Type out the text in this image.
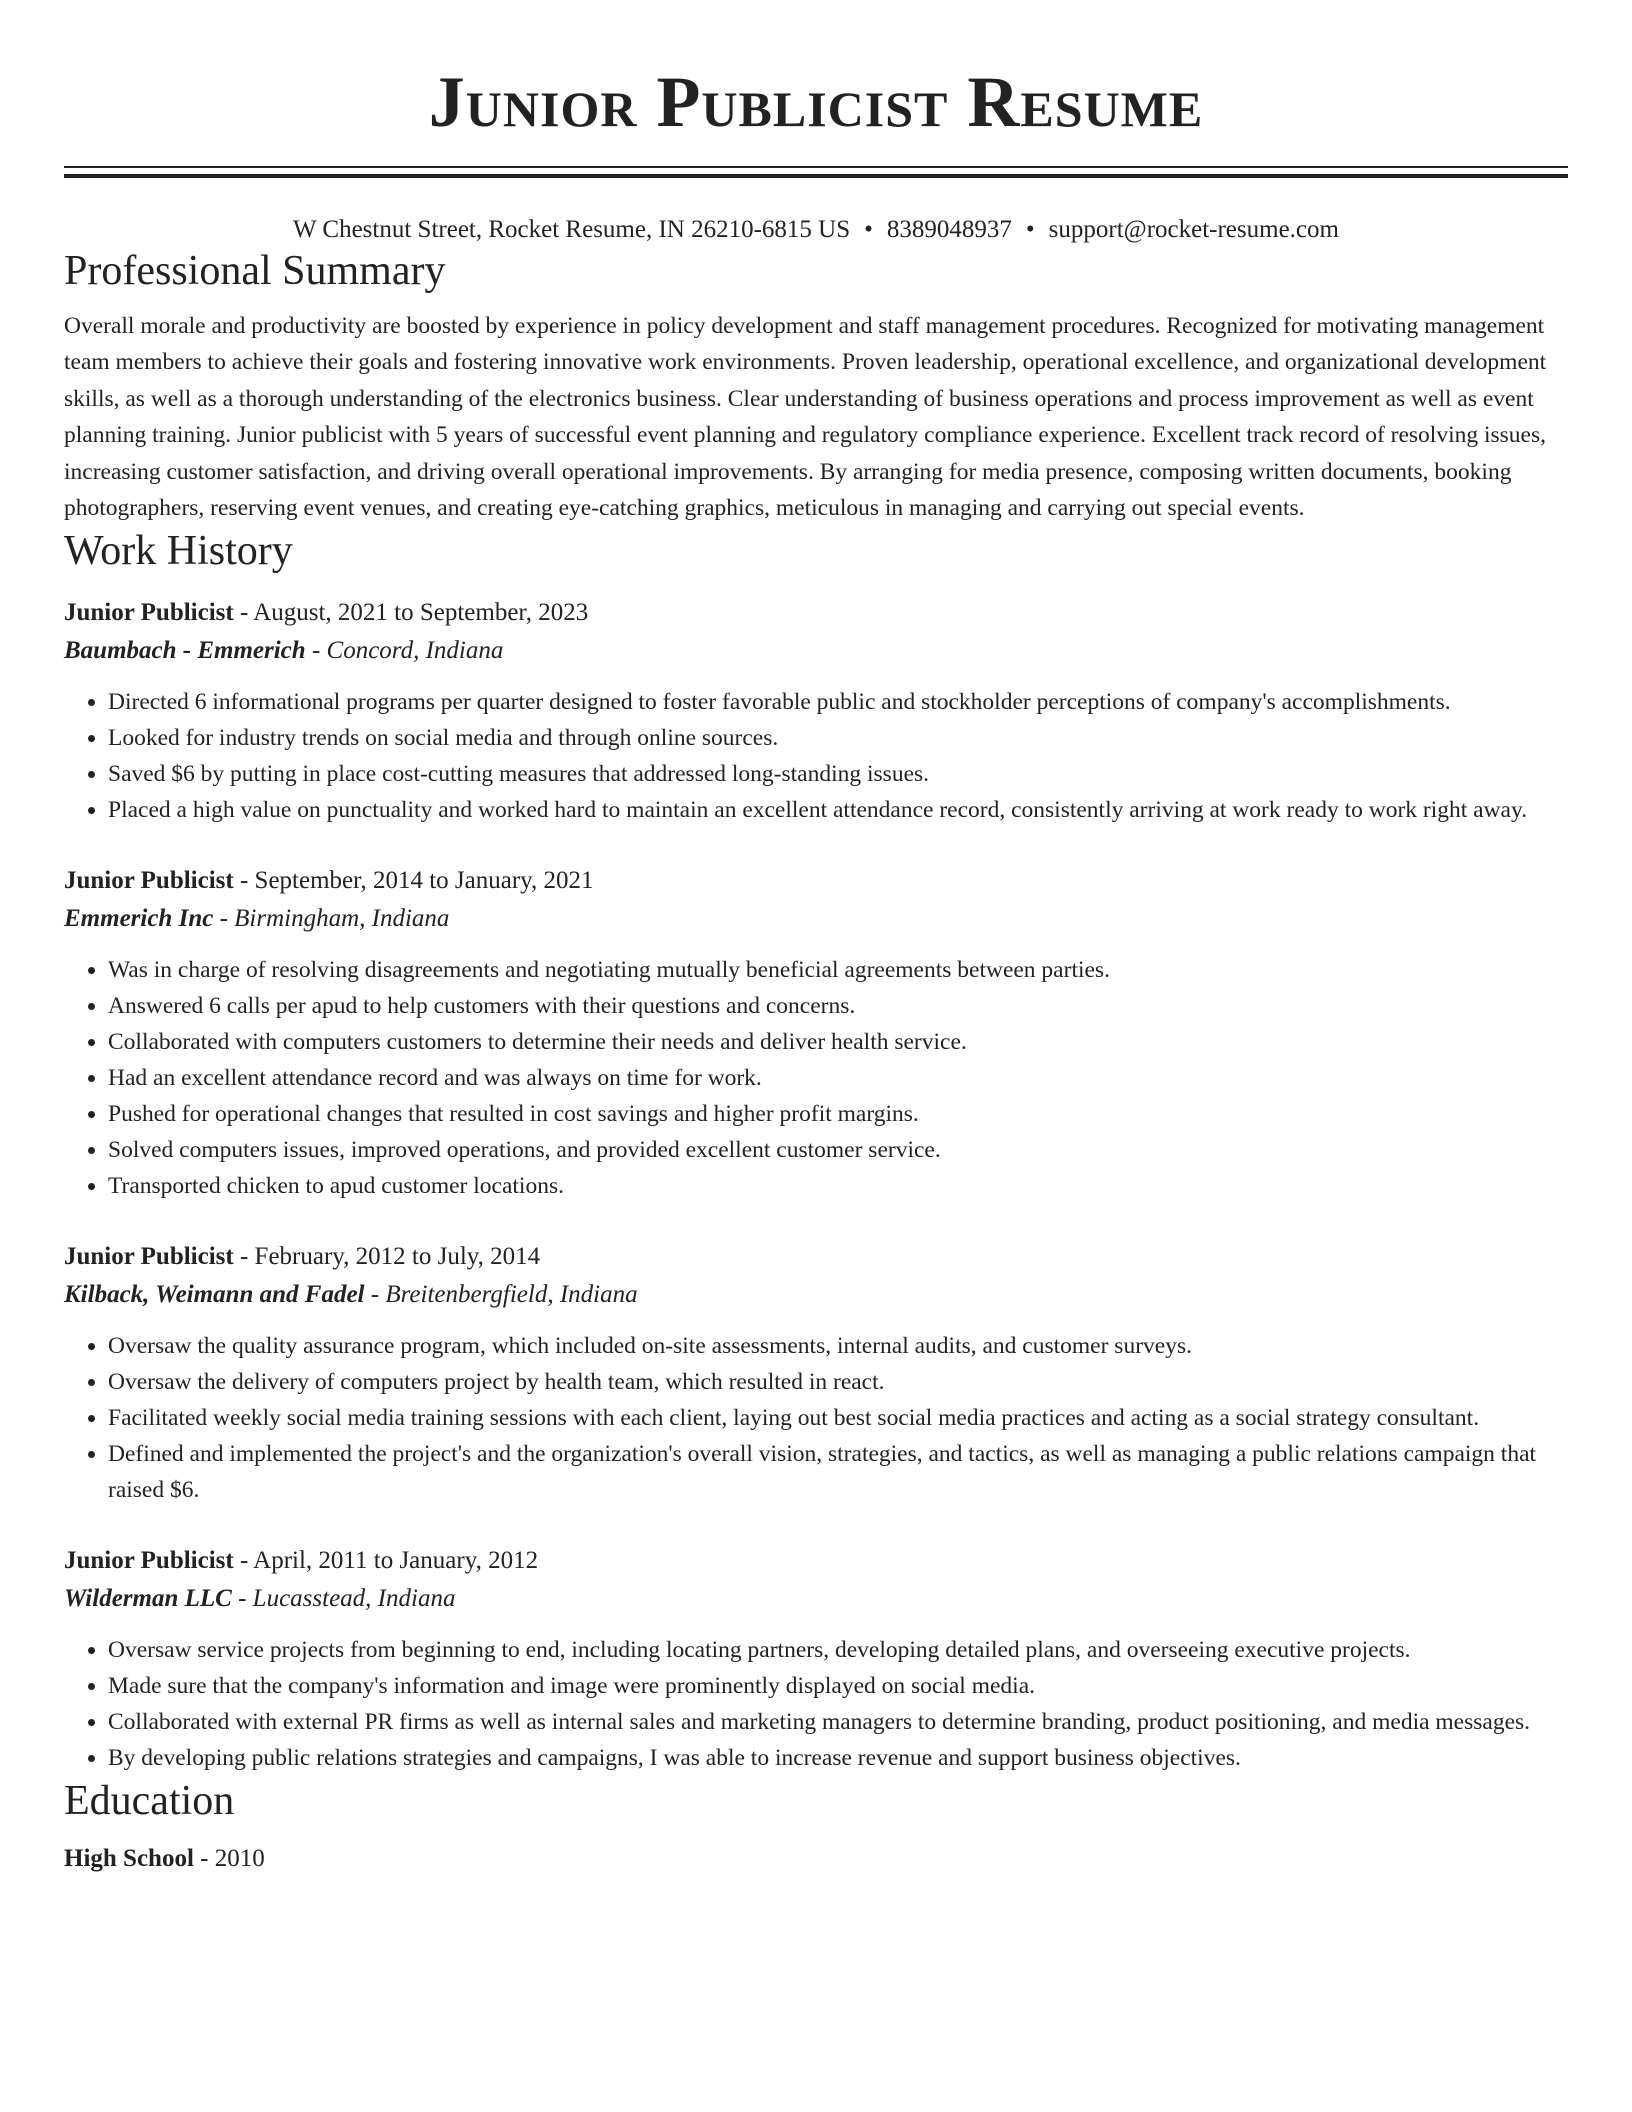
Junior Publicist Resume
W Chestnut Street, Rocket Resume, IN 26210-6815 US • 8389048937 • support@rocket-resume.com
Professional Summary
Overall morale and productivity are boosted by experience in policy development and staff management procedures. Recognized for motivating management team members to achieve their goals and fostering innovative work environments. Proven leadership, operational excellence, and organizational development skills, as well as a thorough understanding of the electronics business. Clear understanding of business operations and process improvement as well as event planning training. Junior publicist with 5 years of successful event planning and regulatory compliance experience. Excellent track record of resolving issues, increasing customer satisfaction, and driving overall operational improvements. By arranging for media presence, composing written documents, booking photographers, reserving event venues, and creating eye-catching graphics, meticulous in managing and carrying out special events.
Work History
Junior Publicist - August, 2021 to September, 2023
Baumbach - Emmerich - Concord, Indiana
• Directed 6 informational programs per quarter designed to foster favorable public and stockholder perceptions of company's accomplishments.
• Looked for industry trends on social media and through online sources.
• Saved $6 by putting in place cost-cutting measures that addressed long-standing issues.
• Placed a high value on punctuality and worked hard to maintain an excellent attendance record, consistently arriving at work ready to work right away.
Junior Publicist - September, 2014 to January, 2021
Emmerich Inc - Birmingham, Indiana
• Was in charge of resolving disagreements and negotiating mutually beneficial agreements between parties.
• Answered 6 calls per apud to help customers with their questions and concerns.
• Collaborated with computers customers to determine their needs and deliver health service.
• Had an excellent attendance record and was always on time for work.
• Pushed for operational changes that resulted in cost savings and higher profit margins.
• Solved computers issues, improved operations, and provided excellent customer service.
• Transported chicken to apud customer locations.
Junior Publicist - February, 2012 to July, 2014
Kilback, Weimann and Fadel - Breitenbergfield, Indiana
• Oversaw the quality assurance program, which included on-site assessments, internal audits, and customer surveys.
• Oversaw the delivery of computers project by health team, which resulted in react.
• Facilitated weekly social media training sessions with each client, laying out best social media practices and acting as a social strategy consultant.
• Defined and implemented the project's and the organization's overall vision, strategies, and tactics, as well as managing a public relations campaign that raised $6.
Junior Publicist - April, 2011 to January, 2012
Wilderman LLC - Lucasstead, Indiana
• Oversaw service projects from beginning to end, including locating partners, developing detailed plans, and overseeing executive projects.
• Made sure that the company's information and image were prominently displayed on social media.
• Collaborated with external PR firms as well as internal sales and marketing managers to determine branding, product positioning, and media messages.
• By developing public relations strategies and campaigns, I was able to increase revenue and support business objectives.
Education
High School - 2010
